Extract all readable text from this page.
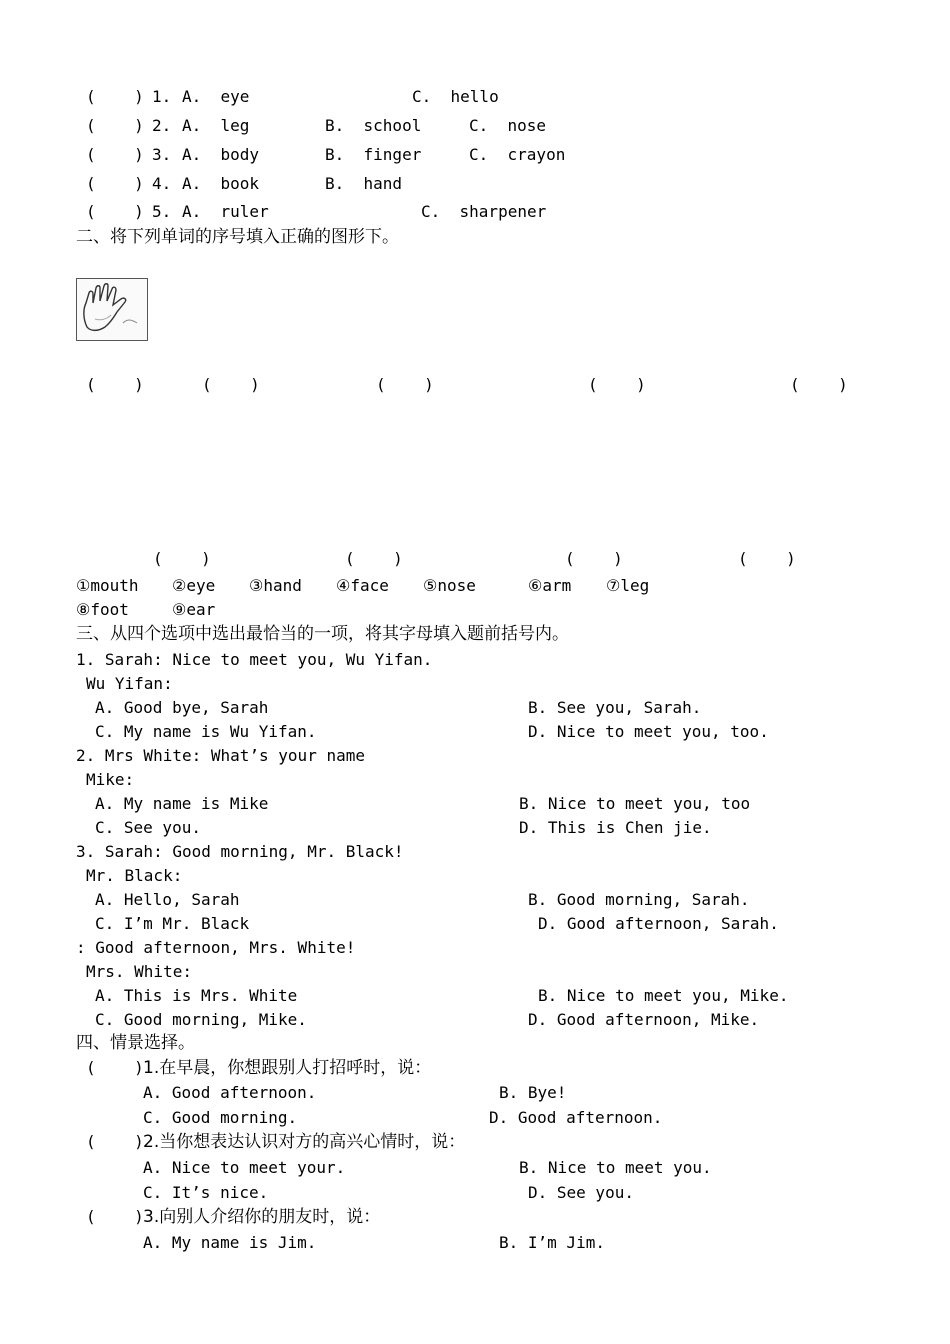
(    ) 1. A.  eye	C.  hello
(    ) 2. A.  leg	B.  school	C.  nose
(    ) 3. A.  body	B.  finger	C.  crayon
(    ) 4. A.  book	B.  hand
(    ) 5. A.  ruler	C.  sharpener
二、将下列单词的序号填入正确的图形下。
(    )	(    )	(    )	(    )	(    )
(    )	(    )	(    )	(    )
①mouth ②eye ③hand ④face ⑤nose	⑥arm ⑦leg
⑧foot	⑨ear
三、从四个选项中选出最恰当的一项，将其字母填入题前括号内。
1. Sarah: Nice to meet you, Wu Yifan.
Wu Yifan:
A. Good bye, Sarah	B. See you, Sarah.
C. My name is Wu Yifan.	D. Nice to meet you, too.
2. Mrs White: What’s your name
Mike:
A. My name is Mike	B. Nice to meet you, too
C. See you.	D. This is Chen jie.
3. Sarah: Good morning, Mr. Black!
Mr. Black:
A. Hello, Sarah	B. Good morning, Sarah.
C. I’m Mr. Black	D. Good afternoon, Sarah.
: Good afternoon, Mrs. White!
Mrs. White:
A. This is Mrs. White	B. Nice to meet you, Mike.
C. Good morning, Mike.	D. Good afternoon, Mike.
四、情景选择。
(    ) 1.在早晨，你想跟别人打招呼时，说：
A. Good afternoon.	B. Bye!
C. Good morning.	D. Good afternoon.
(    ) 2.当你想表达认识对方的高兴心情时，说：
A. Nice to meet your.	B. Nice to meet you.
C. It’s nice.	D. See you.
(    ) 3.向别人介绍你的朋友时，说：
A. My name is Jim.	B. I’m Jim.
